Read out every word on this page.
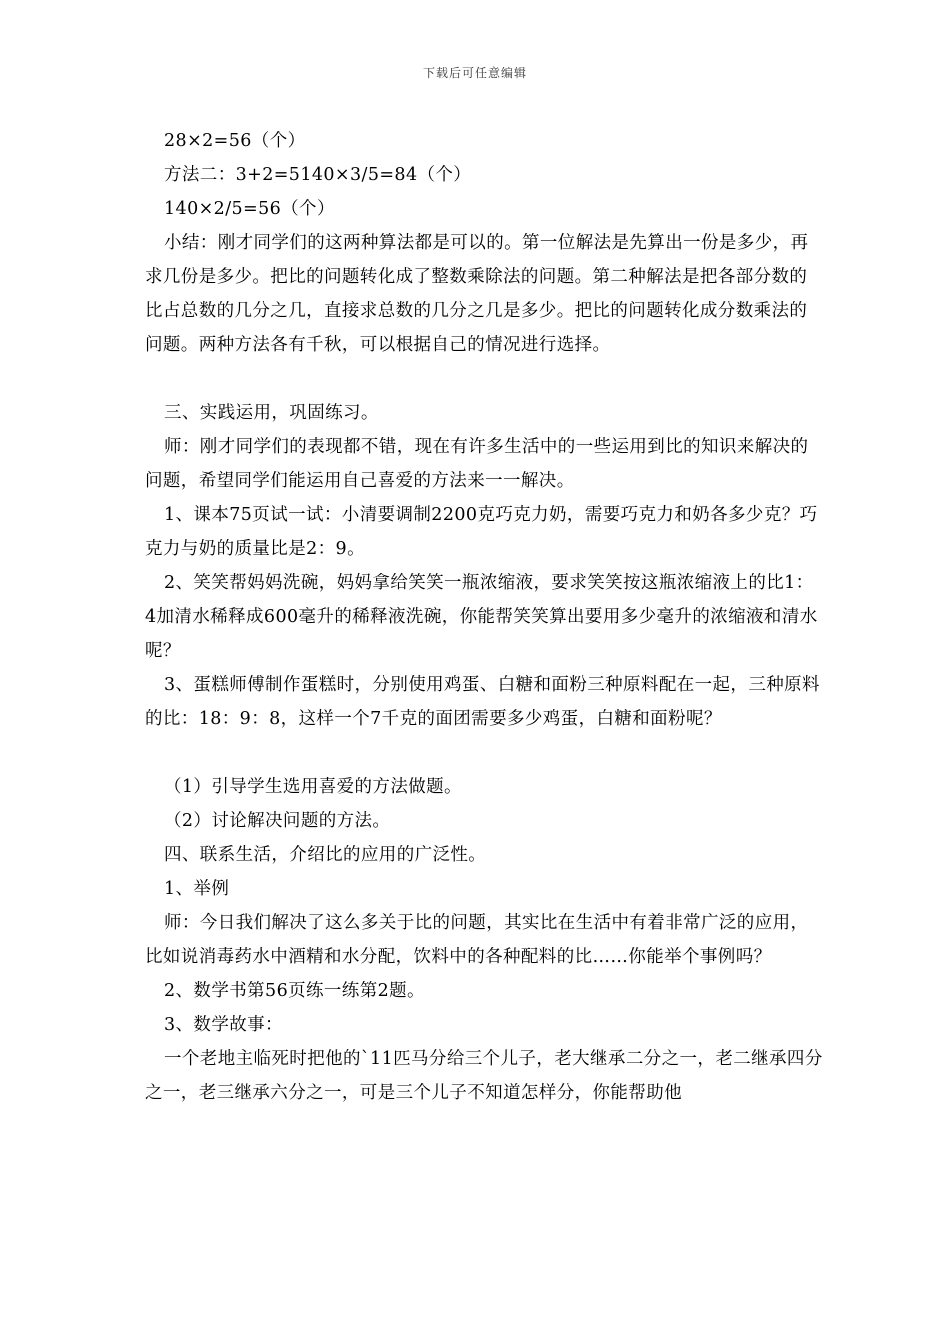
下载后可任意编辑

28×2=56（个）

方法二：3+2=5140×3/5=84（个）

140×2/5=56（个）

小结：刚才同学们的这两种算法都是可以的。第一位解法是先算出一份是多少，再求几份是多少。把比的问题转化成了整数乘除法的问题。第二种解法是把各部分数的比占总数的几分之几，直接求总数的几分之几是多少。把比的问题转化成分数乘法的问题。两种方法各有千秋，可以根据自己的情况进行选择。

三、实践运用，巩固练习。

师：刚才同学们的表现都不错，现在有许多生活中的一些运用到比的知识来解决的问题，希望同学们能运用自己喜爱的方法来一一解决。

1、课本75页试一试：小清要调制2200克巧克力奶，需要巧克力和奶各多少克？巧克力与奶的质量比是2：9。

2、笑笑帮妈妈洗碗，妈妈拿给笑笑一瓶浓缩液，要求笑笑按这瓶浓缩液上的比1：4加清水稀释成600毫升的稀释液洗碗，你能帮笑笑算出要用多少毫升的浓缩液和清水呢？

3、蛋糕师傅制作蛋糕时，分别使用鸡蛋、白糖和面粉三种原料配在一起，三种原料的比：18：9：8，这样一个7千克的面团需要多少鸡蛋，白糖和面粉呢？

（1）引导学生选用喜爱的方法做题。

（2）讨论解决问题的方法。

四、联系生活，介绍比的应用的广泛性。

1、举例

师：今日我们解决了这么多关于比的问题，其实比在生活中有着非常广泛的应用，比如说消毒药水中酒精和水分配，饮料中的各种配料的比……你能举个事例吗？

2、数学书第56页练一练第2题。

3、数学故事：

一个老地主临死时把他的`11匹马分给三个儿子，老大继承二分之一，老二继承四分之一，老三继承六分之一，可是三个儿子不知道怎样分，你能帮助他
